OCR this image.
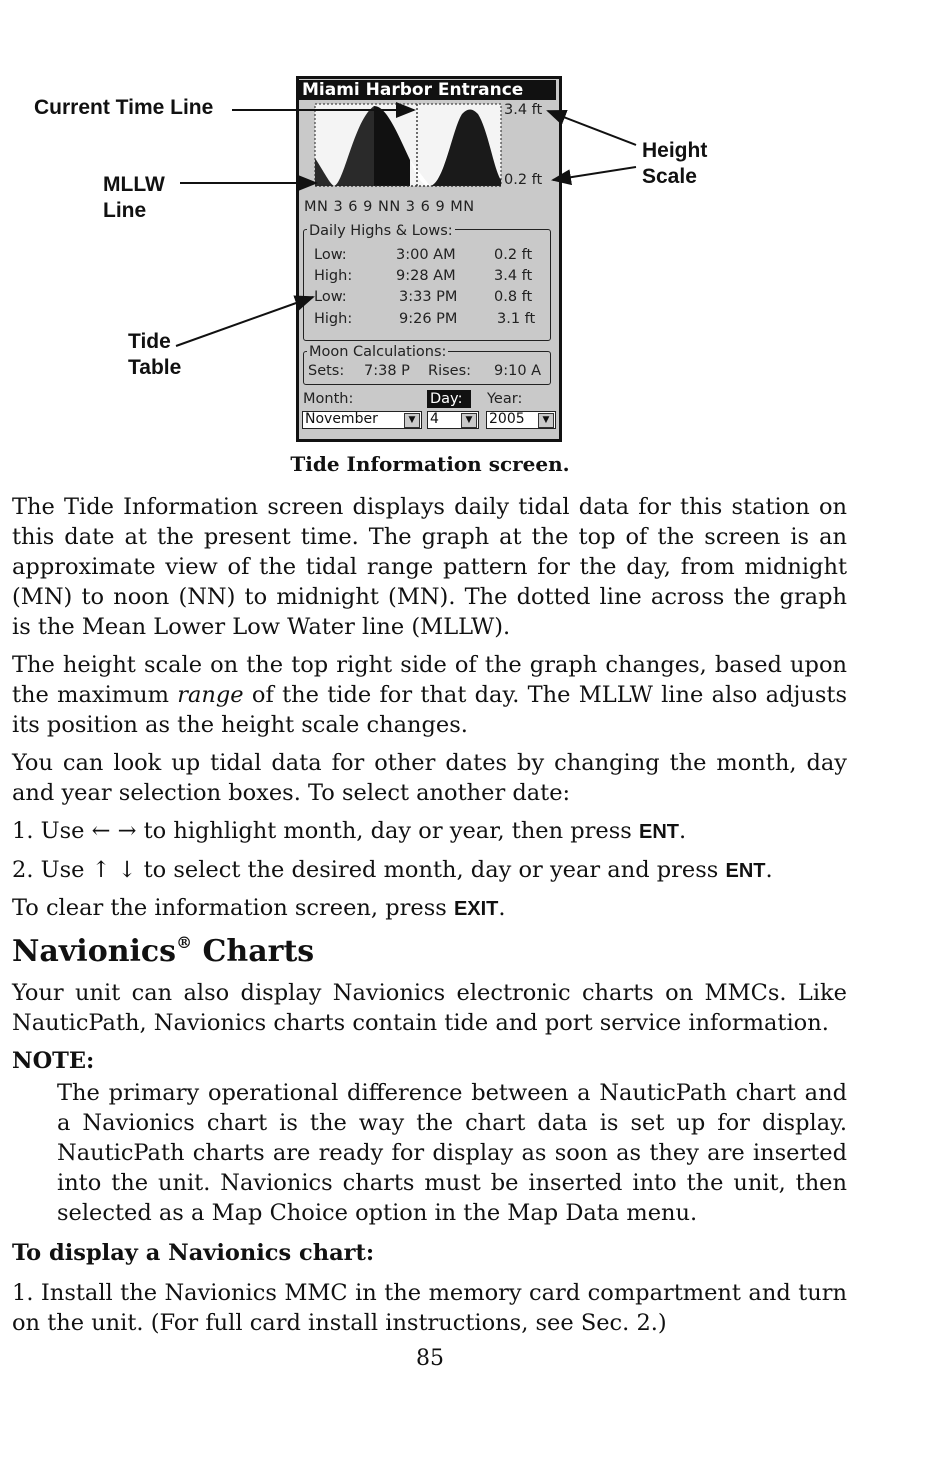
Current Time Line
MLLW
Line
Height
Scale
Tide
Table
Miami Harbor Entrance
3.4 ft
0.2 ft
MN 3 6 9 NN 3 6 9 MN
Daily Highs & Lows:
Low:	3:00 AM	0.2 ft
High:	9:28 AM	3.4 ft
Low:	3:33 PM	0.8 ft
High:	9:26 PM	3.1 ft
Moon Calculations:
Sets: 7:38 P Rises: 9:10 A
Month:	Day:	Year:
November	▼	4	▼	2005	▼
Tide Information screen.
The Tide Information screen displays daily tidal data for this station on this date at the present time. The graph at the top of the screen is an approximate view of the tidal range pattern for the day, from midnight (MN) to noon (NN) to midnight (MN). The dotted line across the graph is the Mean Lower Low Water line (MLLW).
The height scale on the top right side of the graph changes, based upon the maximum range of the tide for that day. The MLLW line also adjusts its position as the height scale changes.
You can look up tidal data for other dates by changing the month, day and year selection boxes. To select another date:
1. Use ← → to highlight month, day or year, then press ENT.
2. Use ↑ ↓ to select the desired month, day or year and press ENT.
To clear the information screen, press EXIT.
Navionics® Charts
Your unit can also display Navionics electronic charts on MMCs. Like NauticPath, Navionics charts contain tide and port service information.
NOTE:
The primary operational difference between a NauticPath chart and a Navionics chart is the way the chart data is set up for display. NauticPath charts are ready for display as soon as they are inserted into the unit. Navionics charts must be inserted into the unit, then selected as a Map Choice option in the Map Data menu.
To display a Navionics chart:
1. Install the Navionics MMC in the memory card compartment and turn on the unit. (For full card install instructions, see Sec. 2.)
85
